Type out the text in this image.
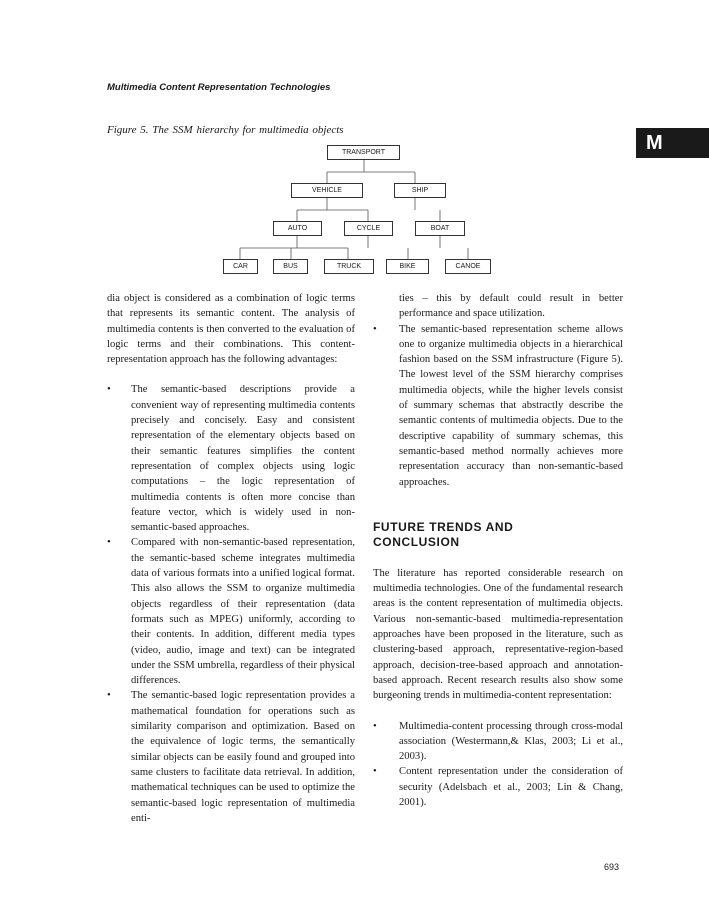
Multimedia Content Representation Technologies
Figure 5. The SSM hierarchy for multimedia objects
M
TRANSPORT
VEHICLE	SHIP
AUTO	CYCLE	BOAT
CAR	BUS	TRUCK	BIKE	CANOE

dia object is considered as a combination of logic terms that represents its semantic content. The analysis of multimedia contents is then converted to the evaluation of logic terms and their combinations. This content-representation approach has the following advantages:

• The semantic-based descriptions provide a convenient way of representing multimedia contents precisely and concisely. Easy and consistent representation of the elementary objects based on their semantic features simplifies the content representation of complex objects using logic computations – the logic representation of multimedia contents is often more concise than feature vector, which is widely used in non-semantic-based approaches.
• Compared with non-semantic-based representation, the semantic-based scheme integrates multimedia data of various formats into a unified logical format. This also allows the SSM to organize multimedia objects regardless of their representation (data formats such as MPEG) uniformly, according to their contents. In addition, different media types (video, audio, image and text) can be integrated under the SSM umbrella, regardless of their physical differences.
• The semantic-based logic representation provides a mathematical foundation for operations such as similarity comparison and optimization. Based on the equivalence of logic terms, the semantically similar objects can be easily found and grouped into same clusters to facilitate data retrieval. In addition, mathematical techniques can be used to optimize the semantic-based logic representation of multimedia enti-

ties – this by default could result in better performance and space utilization.

• The semantic-based representation scheme allows one to organize multimedia objects in a hierarchical fashion based on the SSM infrastructure (Figure 5). The lowest level of the SSM hierarchy comprises multimedia objects, while the higher levels consist of summary schemas that abstractly describe the semantic contents of multimedia objects. Due to the descriptive capability of summary schemas, this semantic-based method normally achieves more representation accuracy than non-semantic-based approaches.
FUTURE TRENDS AND
CONCLUSION

The literature has reported considerable research on multimedia technologies. One of the fundamental research areas is the content representation of multimedia objects. Various non-semantic-based multimedia-representation approaches have been proposed in the literature, such as clustering-based approach, representative-region-based approach, decision-tree-based approach and annotation-based approach. Recent research results also show some burgeoning trends in multimedia-content representation:

• Multimedia-content processing through cross-modal association (Westermann,& Klas, 2003; Li et al., 2003).
• Content representation under the consideration of security (Adelsbach et al., 2003; Lin & Chang, 2001).
693
